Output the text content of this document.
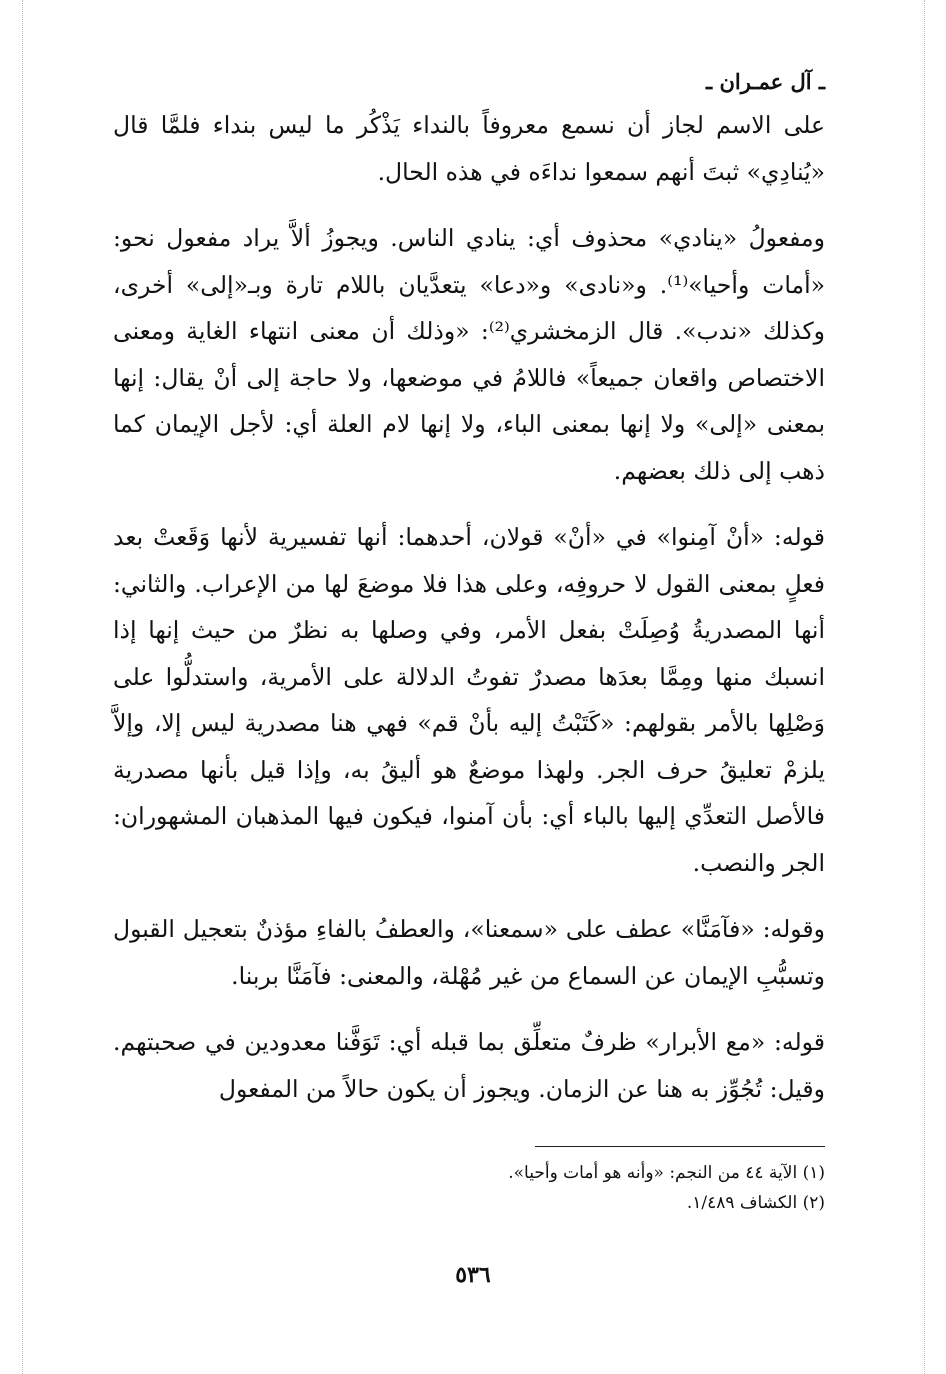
ـ آل عمـران ـ

على الاسم لجاز أن نسمع معروفاً بالنداء يَذْكُر ما ليس بنداء فلمَّا قال «يُنادِي» ثبتَ أنهم سمعوا نداءَه في هذه الحال.

ومفعولُ «ينادي» محذوف أي: ينادي الناس. ويجوزُ ألاَّ يراد مفعول نحو: «أمات وأحيا»⁽¹⁾. و«نادى» و«دعا» يتعدَّيان باللام تارة وبـ«إلى» أخرى، وكذلك «ندب». قال الزمخشري⁽²⁾: «وذلك أن معنى انتهاء الغاية ومعنى الاختصاص واقعان جميعاً» فاللامُ في موضعها، ولا حاجة إلى أنْ يقال: إنها بمعنى «إلى» ولا إنها بمعنى الباء، ولا إنها لام العلة أي: لأجل الإيمان كما ذهب إلى ذلك بعضهم.

قوله: «أنْ آمِنوا» في «أنْ» قولان، أحدهما: أنها تفسيرية لأنها وَقَعتْ بعد فعلٍ بمعنى القول لا حروفِه، وعلى هذا فلا موضعَ لها من الإعراب. والثاني: أنها المصدريةُ وُصِلَتْ بفعل الأمر، وفي وصلها به نظرٌ من حيث إنها إذا انسبك منها ومِمَّا بعدَها مصدرٌ تفوتُ الدلالة على الأمرية، واستدلُّوا على وَصْلِها بالأمر بقولهم: «كَتَبْتُ إليه بأنْ قم» فهي هنا مصدرية ليس إلا، وإلاَّ يلزمْ تعليقُ حرف الجر. ولهذا موضعٌ هو أليقُ به، وإذا قيل بأنها مصدرية فالأصل التعدِّي إليها بالباء أي: بأن آمنوا، فيكون فيها المذهبان المشهوران: الجر والنصب.

وقوله: «فآمَنَّا» عطف على «سمعنا»، والعطفُ بالفاءِ مؤذنٌ بتعجيل القبول وتسبُّبِ الإيمان عن السماع من غير مُهْلة، والمعنى: فآمَنَّا بربنا.

قوله: «مع الأبرار» ظرفٌ متعلِّق بما قبله أي: تَوَفَّنا معدودين في صحبتهم. وقيل: تُجُوِّز به هنا عن الزمان. ويجوز أن يكون حالاً من المفعول

(١) الآية ٤٤ من النجم: «وأنه هو أمات وأحيا».
(٢) الكشاف ١/٤٨٩.
٥٣٦
